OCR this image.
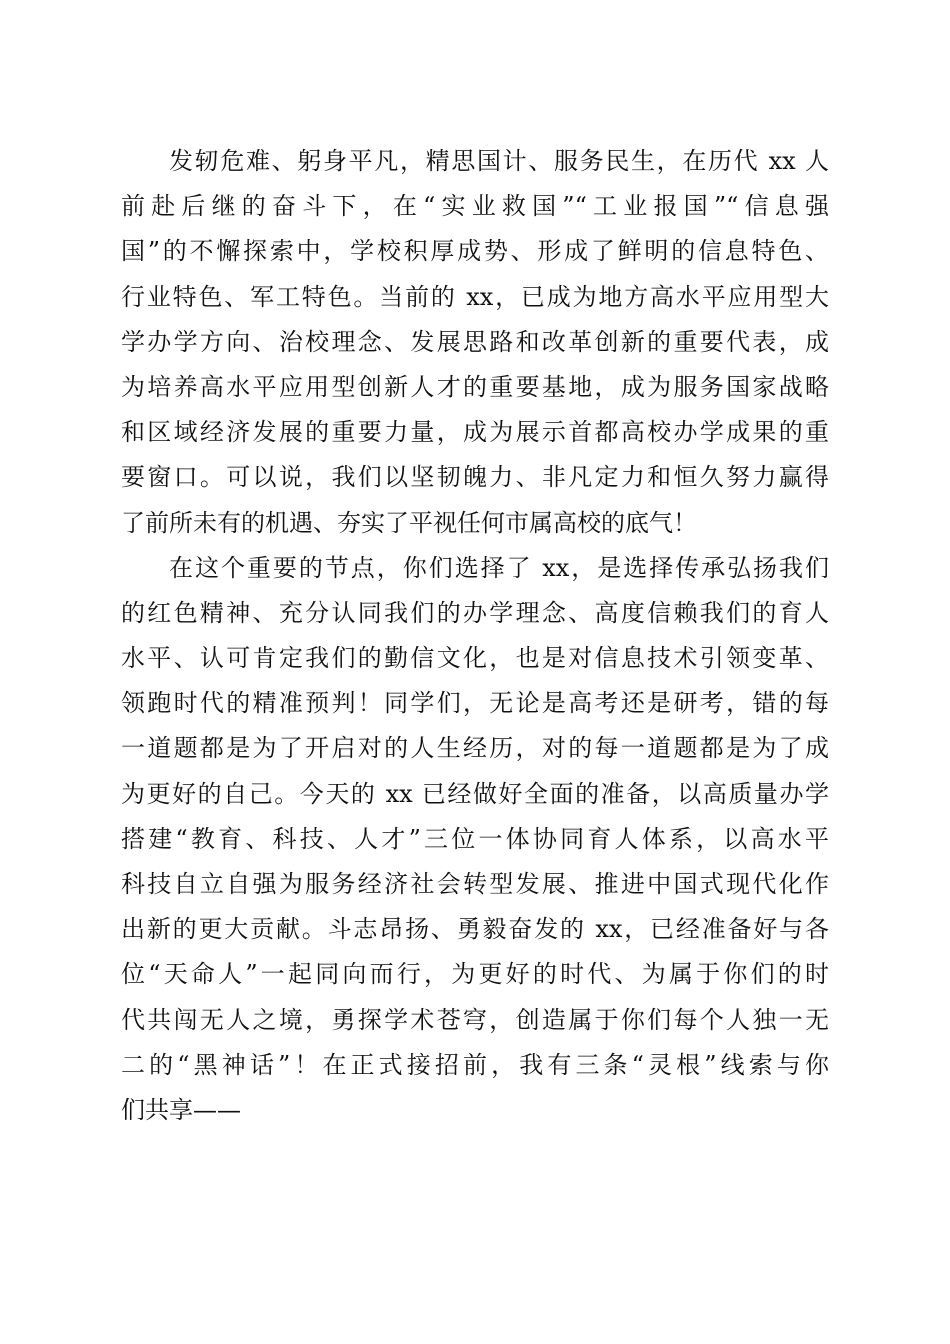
发轫危难、躬身平凡，精思国计、服务民生，在历代 xx 人
前赴后继的奋斗下，在“实业救国”“工业报国”“信息强
国”的不懈探索中，学校积厚成势、形成了鲜明的信息特色、
行业特色、军工特色。当前的 xx，已成为地方高水平应用型大
学办学方向、治校理念、发展思路和改革创新的重要代表，成
为培养高水平应用型创新人才的重要基地，成为服务国家战略
和区域经济发展的重要力量，成为展示首都高校办学成果的重
要窗口。可以说，我们以坚韧魄力、非凡定力和恒久努力赢得
了前所未有的机遇、夯实了平视任何市属高校的底气！
在这个重要的节点，你们选择了 xx，是选择传承弘扬我们
的红色精神、充分认同我们的办学理念、高度信赖我们的育人
水平、认可肯定我们的勤信文化，也是对信息技术引领变革、
领跑时代的精准预判！同学们，无论是高考还是研考，错的每
一道题都是为了开启对的人生经历，对的每一道题都是为了成
为更好的自己。今天的 xx 已经做好全面的准备，以高质量办学
搭建“教育、科技、人才”三位一体协同育人体系，以高水平
科技自立自强为服务经济社会转型发展、推进中国式现代化作
出新的更大贡献。斗志昂扬、勇毅奋发的 xx，已经准备好与各
位“天命人”一起同向而行，为更好的时代、为属于你们的时
代共闯无人之境，勇探学术苍穹，创造属于你们每个人独一无
二的“黑神话”！在正式接招前，我有三条“灵根”线索与你
们共享——
